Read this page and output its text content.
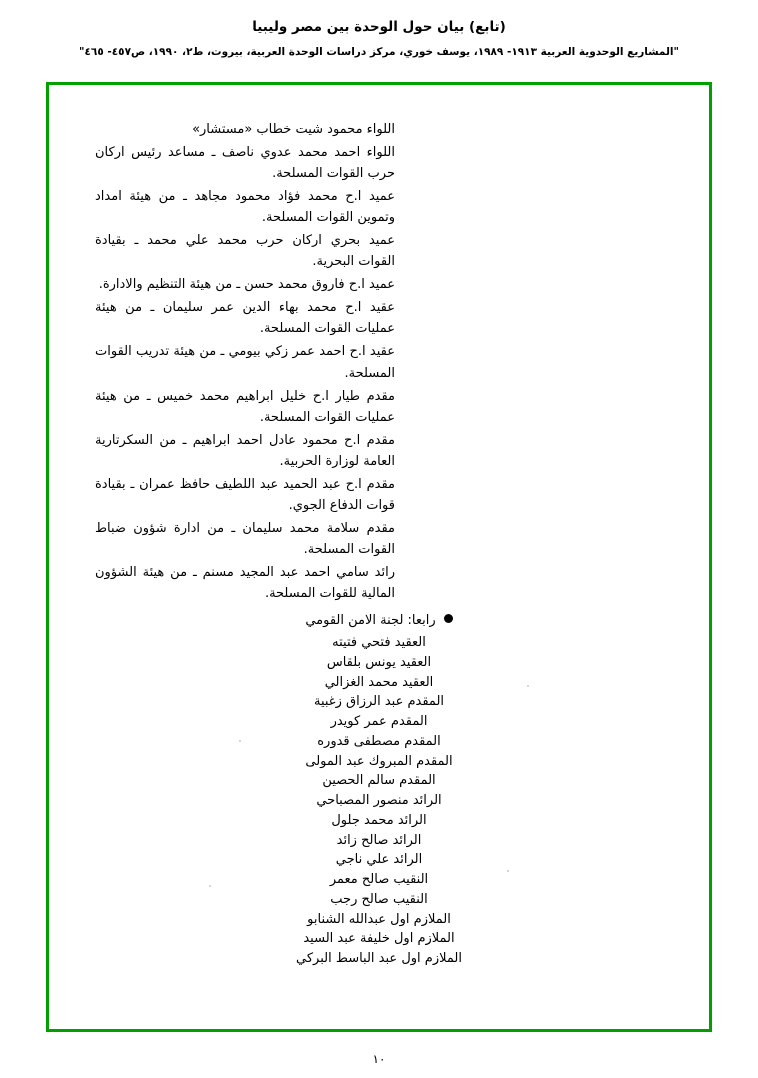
(تابع) بيان حول الوحدة بين مصر وليبيا
"المشاريع الوحدوية العربية ١٩١٣- ١٩٨٩، يوسف خوري، مركز دراسات الوحدة العربية، بيروت، ط٢، ١٩٩٠، ص٤٥٧- ٤٦٥"

اللواء محمود شيت خطاب «مستشار»

اللواء احمد محمد عدوي ناصف ـ مساعد رئيس اركان حرب القوات المسلحة.

عميد ا.ح محمد فؤاد محمود مجاهد ـ من هيئة امداد وتموين القوات المسلحة.

عميد بحري اركان حرب محمد علي محمد ـ بقيادة القوات البحرية.

عميد ا.ح فاروق محمد حسن ـ من هيئة التنظيم والادارة.

عقيد ا.ح محمد بهاء الدين عمر سليمان ـ من هيئة عمليات القوات المسلحة.

عقيد ا.ح احمد عمر زكي بيومي ـ من هيئة تدريب القوات المسلحة.

مقدم طيار ا.ح خليل ابراهيم محمد خميس ـ من هيئة عمليات القوات المسلحة.

مقدم ا.ح محمود عادل احمد ابراهيم ـ من السكرتارية العامة لوزارة الحربية.

مقدم ا.ح عبد الحميد عبد اللطيف حافظ عمران ـ بقيادة قوات الدفاع الجوي.

مقدم سلامة محمد سليمان ـ من ادارة شؤون ضباط القوات المسلحة.

رائد سامي احمد عبد المجيد مسنم ـ من هيئة الشؤون المالية للقوات المسلحة.

رابعا: لجنة الامن القومي
العقيد فتحي فتيته
العقيد يونس بلقاس
العقيد محمد الغزالي
المقدم عبد الرزاق زغبية
المقدم عمر كويدر
المقدم مصطفى قدوره
المقدم المبروك عبد المولى
المقدم سالم الحصين
الرائد منصور المصباحي
الرائد محمد جلول
الرائد صالح زائد
الرائد علي ناجي
النقيب صالح معمر
النقيب صالح رجب
الملازم اول عبدالله الشنابو
الملازم اول خليفة عبد السيد
الملازم اول عبد الباسط البركي
١٠
